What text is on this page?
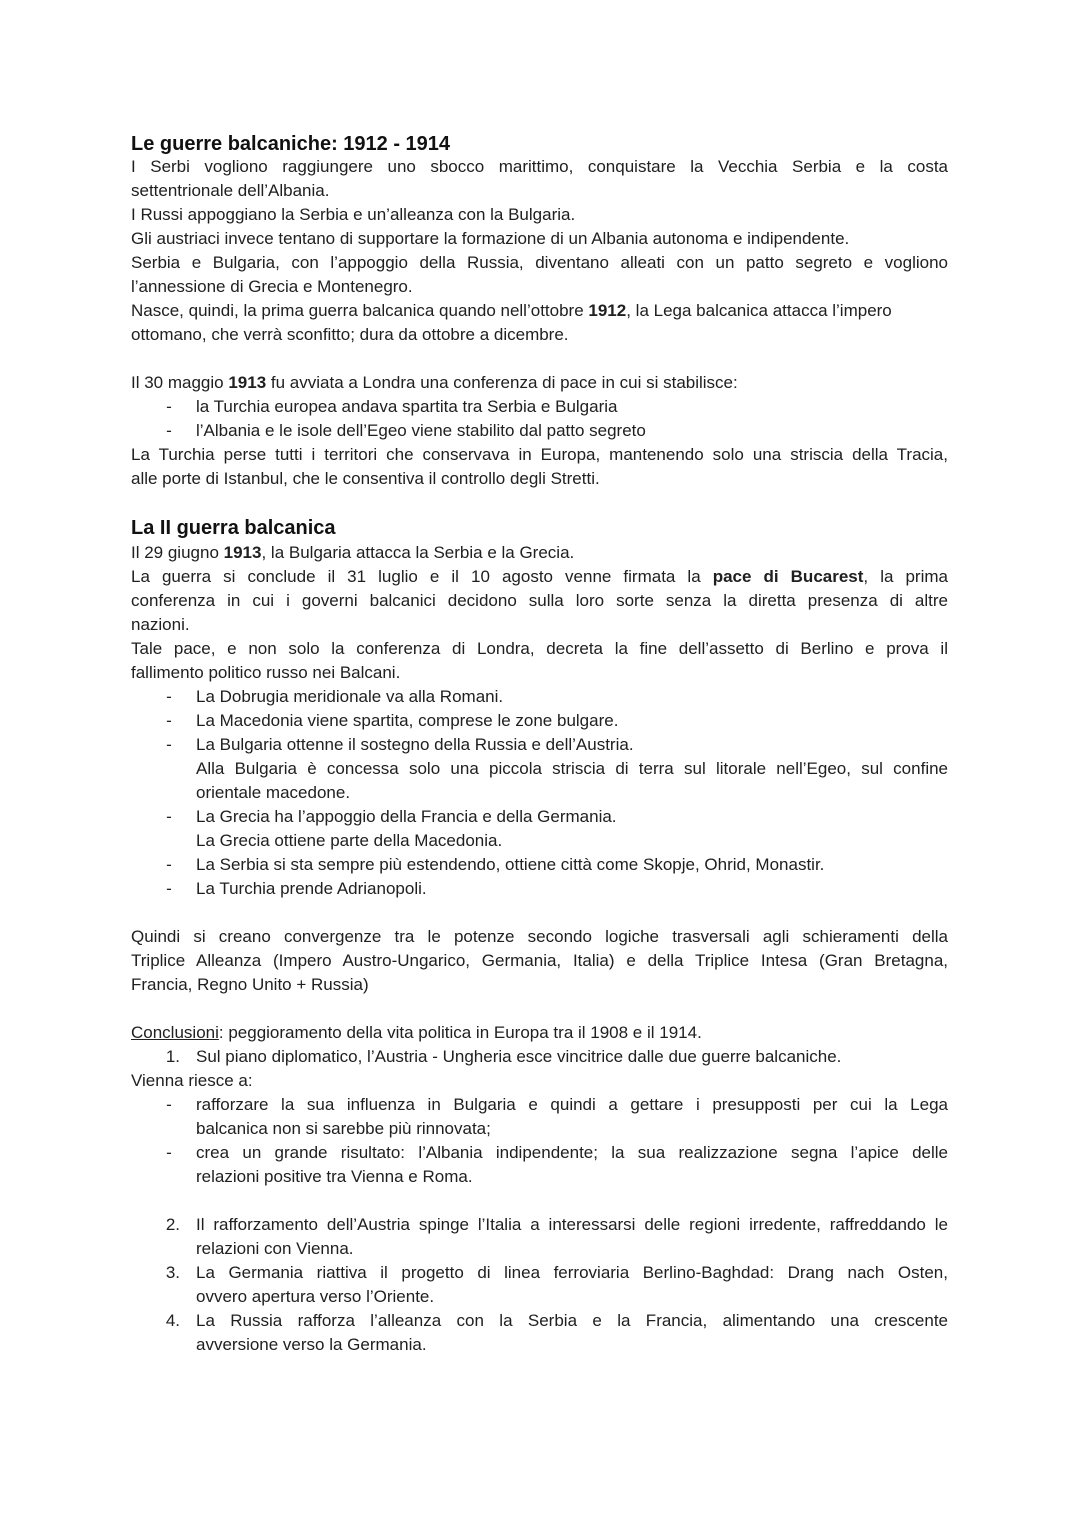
Le guerre balcaniche: 1912 - 1914
I Serbi vogliono raggiungere uno sbocco marittimo, conquistare la Vecchia Serbia e la costa
settentrionale dell’Albania.
I Russi appoggiano la Serbia e un’alleanza con la Bulgaria.
Gli austriaci invece tentano di supportare la formazione di un Albania autonoma e indipendente.
Serbia e Bulgaria, con l’appoggio della Russia, diventano alleati con un patto segreto e vogliono
l’annessione di Grecia e Montenegro.
Nasce, quindi, la prima guerra balcanica quando nell’ottobre 1912, la Lega balcanica attacca l’impero
ottomano, che verrà sconfitto; dura da ottobre a dicembre.
Il 30 maggio 1913 fu avviata a Londra una conferenza di pace in cui si stabilisce:
- la Turchia europea andava spartita tra Serbia e Bulgaria
- l’Albania e le isole dell’Egeo viene stabilito dal patto segreto
La Turchia perse tutti i territori che conservava in Europa, mantenendo solo una striscia della Tracia,
alle porte di Istanbul, che le consentiva il controllo degli Stretti.
La II guerra balcanica
Il 29 giugno 1913, la Bulgaria attacca la Serbia e la Grecia.
La guerra si conclude il 31 luglio e il 10 agosto venne firmata la pace di Bucarest, la prima
conferenza in cui i governi balcanici decidono sulla loro sorte senza la diretta presenza di altre
nazioni.
Tale pace, e non solo la conferenza di Londra, decreta la fine dell’assetto di Berlino e prova il
fallimento politico russo nei Balcani.
- La Dobrugia meridionale va alla Romani.
- La Macedonia viene spartita, comprese le zone bulgare.
- La Bulgaria ottenne il sostegno della Russia e dell’Austria.
Alla Bulgaria è concessa solo una piccola striscia di terra sul litorale nell’Egeo, sul confine
orientale macedone.
- La Grecia ha l’appoggio della Francia e della Germania.
La Grecia ottiene parte della Macedonia.
- La Serbia si sta sempre più estendendo, ottiene città come Skopje, Ohrid, Monastir.
- La Turchia prende Adrianopoli.
Quindi si creano convergenze tra le potenze secondo logiche trasversali agli schieramenti della
Triplice Alleanza (Impero Austro-Ungarico, Germania, Italia) e della Triplice Intesa (Gran Bretagna,
Francia, Regno Unito + Russia)
Conclusioni: peggioramento della vita politica in Europa tra il 1908 e il 1914.
1. Sul piano diplomatico, l’Austria - Ungheria esce vincitrice dalle due guerre balcaniche.
Vienna riesce a:
- rafforzare la sua influenza in Bulgaria e quindi a gettare i presupposti per cui la Lega
balcanica non si sarebbe più rinnovata;
- crea un grande risultato: l’Albania indipendente; la sua realizzazione segna l’apice delle
relazioni positive tra Vienna e Roma.
2. Il rafforzamento dell’Austria spinge l’Italia a interessarsi delle regioni irredente, raffreddando le
relazioni con Vienna.
3. La Germania riattiva il progetto di linea ferroviaria Berlino-Baghdad: Drang nach Osten,
ovvero apertura verso l’Oriente.
4. La Russia rafforza l’alleanza con la Serbia e la Francia, alimentando una crescente
avversione verso la Germania.
